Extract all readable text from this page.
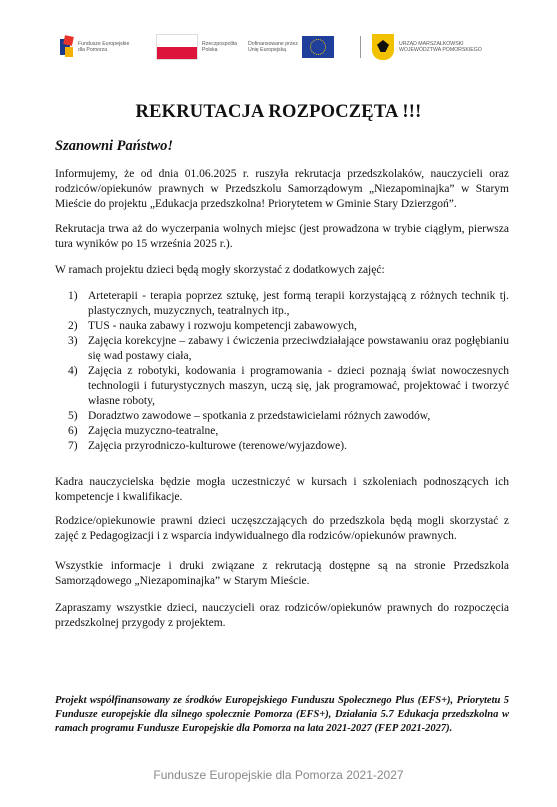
Fundusze Europejskie
dla Pomorza
Rzeczpospolita
Polska
Dofinansowane przez
Unię Europejską
URZĄD MARSZAŁKOWSKI
WOJEWÓDZTWA POMORSKIEGO
REKRUTACJA ROZPOCZĘTA !!!
Szanowni Państwo!

Informujemy, że od dnia 01.06.2025 r. ruszyła rekrutacja przedszkolaków, nauczycieli oraz rodziców/opiekunów prawnych w Przedszkolu Samorządowym „Niezapominajka” w Starym Mieście do projektu „Edukacja przedszkolna! Priorytetem w Gminie Stary Dzierzgoń”.

Rekrutacja trwa aż do wyczerpania wolnych miejsc (jest prowadzona w trybie ciągłym, pierwsza tura wyników po 15 września 2025 r.).

W ramach projektu dzieci będą mogły skorzystać z dodatkowych zajęć:

1) Arteterapii - terapia poprzez sztukę, jest formą terapii korzystającą z różnych technik tj. plastycznych, muzycznych, teatralnych itp.,
2) TUS - nauka zabawy i rozwoju kompetencji zabawowych,
3) Zajęcia korekcyjne – zabawy i ćwiczenia przeciwdziałające powstawaniu oraz pogłębianiu się wad postawy ciała,
4) Zajęcia z robotyki, kodowania i programowania - dzieci poznają świat nowoczesnych technologii i futurystycznych maszyn, uczą się, jak programować, projektować i tworzyć własne roboty,
5) Doradztwo zawodowe – spotkania z przedstawicielami różnych zawodów,
6) Zajęcia muzyczno-teatralne,
7) Zajęcia przyrodniczo-kulturowe (terenowe/wyjazdowe).

Kadra nauczycielska będzie mogła uczestniczyć w kursach i szkoleniach podnoszących ich kompetencje i kwalifikacje.

Rodzice/opiekunowie prawni dzieci uczęszczających do przedszkola będą mogli skorzystać z zajęć z Pedagogizacji i z wsparcia indywidualnego dla rodziców/opiekunów prawnych.

Wszystkie informacje i druki związane z rekrutacją dostępne są na stronie Przedszkola Samorządowego „Niezapominajka” w Starym Mieście.

Zapraszamy wszystkie dzieci, nauczycieli oraz rodziców/opiekunów prawnych do rozpoczęcia przedszkolnej przygody z projektem.

Projekt współfinansowany ze środków Europejskiego Funduszu Społecznego Plus (EFS+), Priorytetu 5 Fundusze europejskie dla silnego społecznie Pomorza (EFS+), Działania 5.7 Edukacja przedszkolna w ramach programu Fundusze Europejskie dla Pomorza na lata 2021-2027 (FEP 2021-2027).

Fundusze Europejskie dla Pomorza 2021-2027
